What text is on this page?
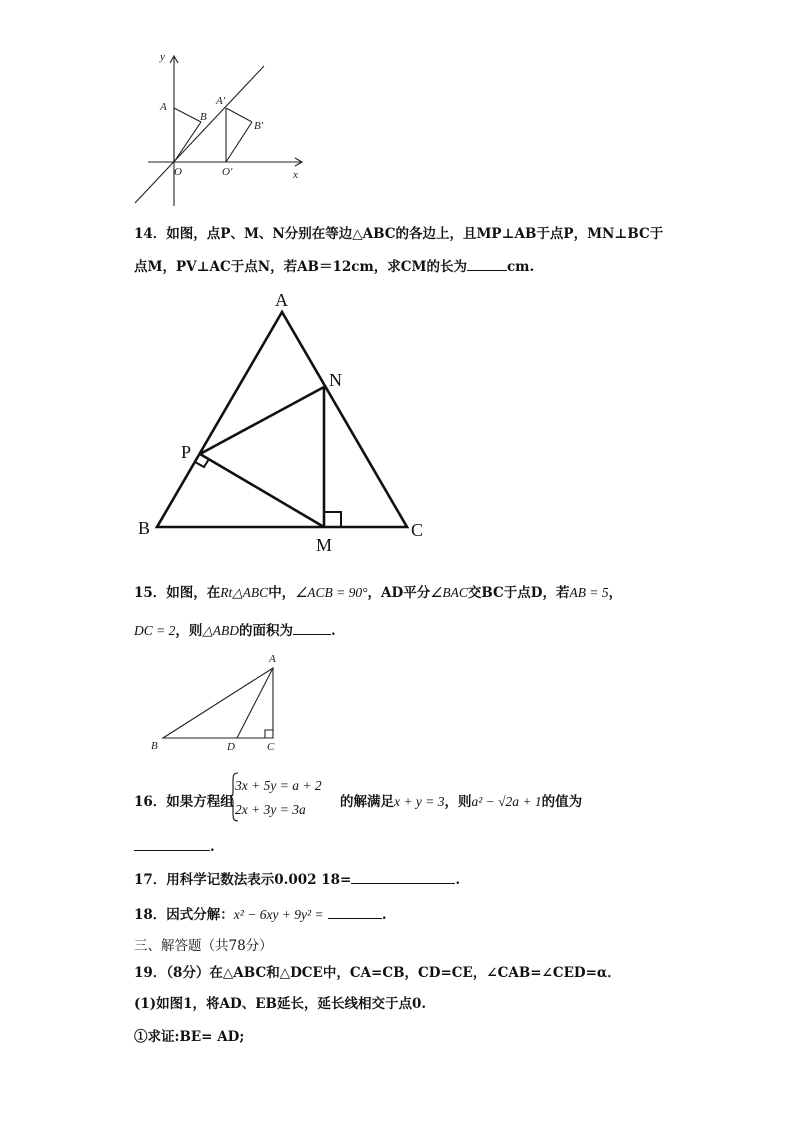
y
x
A
B
O
A′
B′
O′
14．如图，点P、M、N分别在等边△ABC的各边上，且MP⊥AB于点P，MN⊥BC于
点M，PV⊥AC于点N，若AB＝12cm，求CM的长为	cm.
A
B	C
N
P
M
15．如图，在Rt△ABC中，∠ACB = 90°，AD平分∠BAC交BC于点D，若AB = 5，
DC = 2，则△ABD的面积为	.
A
B	D	C
16．如果方程组
3x + 5y = a + 2
2x + 3y = 3a	的解满足x + y = 3，则a² − √2a + 1的值为
.
17．用科学记数法表示0.002 18=	.
18．因式分解：x² − 6xy + 9y² =	.
三、解答题（共78分）
19．（8分）在△ABC和△DCE中，CA=CB，CD=CE，∠CAB=∠CED=α．
(1)如图1，将AD、EB延长，延长线相交于点0.
①求证:BE= AD;
